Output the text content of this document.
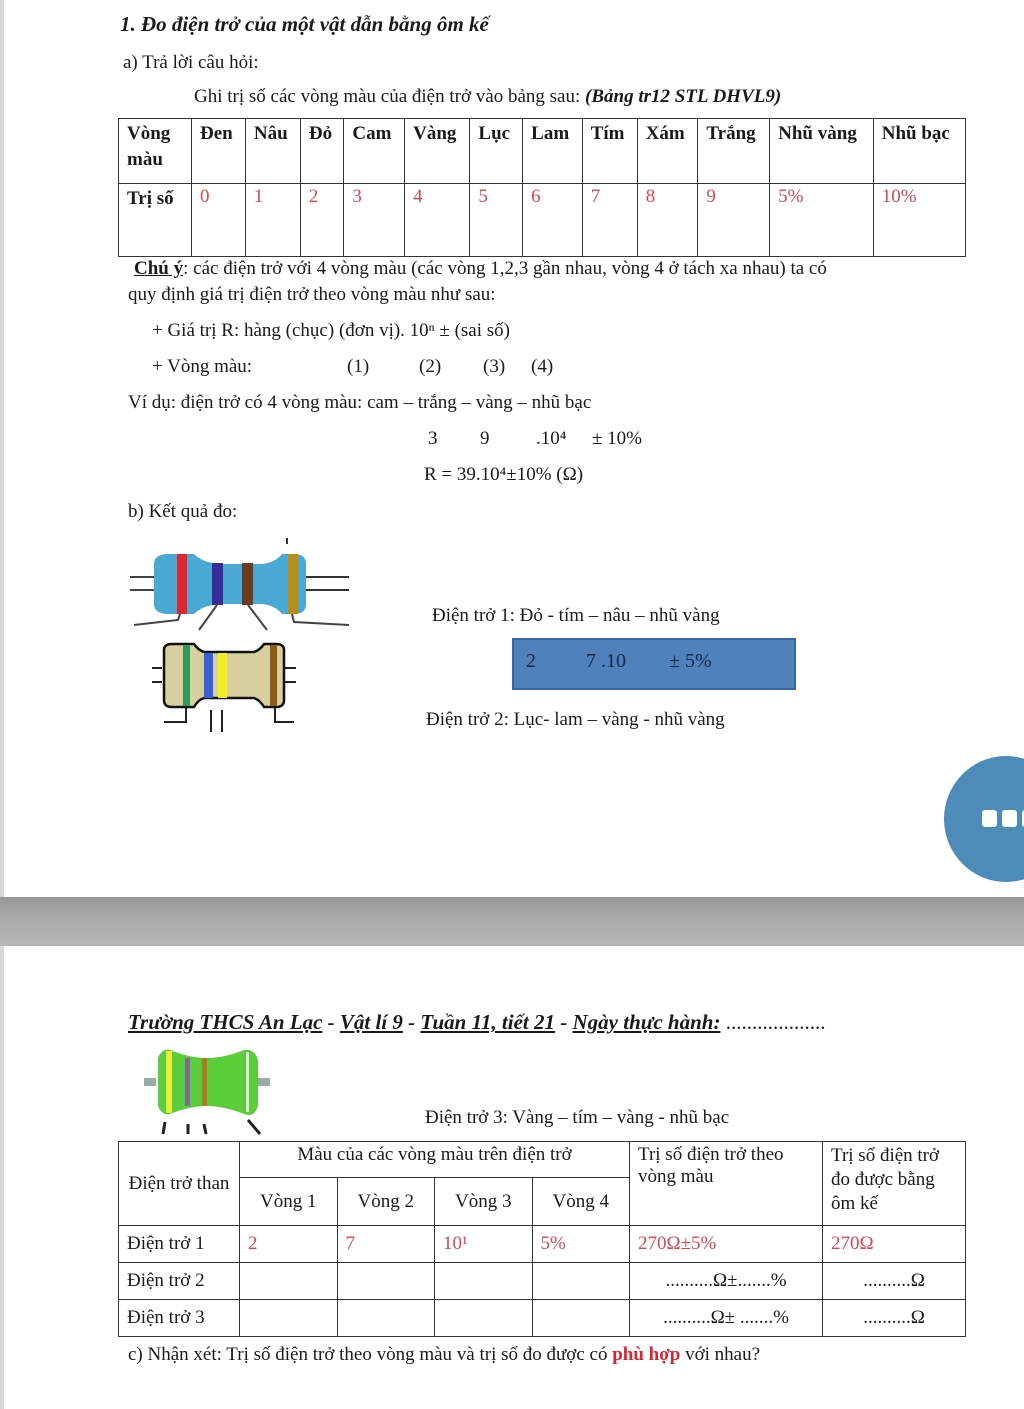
1. Đo điện trở của một vật dẫn bằng ôm kế
a) Trả lời câu hỏi:
Ghi trị số các vòng màu của điện trở vào bảng sau: (Bảng tr12 STL DHVL9)
Vòng màu	Đen	Nâu	Đỏ	Cam	Vàng	Lục	Lam	Tím	Xám	Trắng	Nhũ vàng	Nhũ bạc
Trị số	0	1	2	3	4	5	6	7	8	9	5%	10%
Chú ý: các điện trở với 4 vòng màu (các vòng 1,2,3 gần nhau, vòng 4 ở tách xa nhau) ta có
quy định giá trị điện trở theo vòng màu như sau:
+ Giá trị R: hàng (chục) (đơn vị). 10ⁿ ± (sai số)
+ Vòng màu:	(1)	(2) (3) (4)
Ví dụ: điện trở có 4 vòng màu: cam – trắng – vàng – nhũ bạc
3 9 .10⁴ ± 10%
R = 39.10⁴±10% (Ω)
b) Kết quả đo:
Điện trở 1: Đỏ - tím – nâu – nhũ vàng
2	7 .10 ± 5%
Điện trở 2: Lục- lam – vàng - nhũ vàng
Trường THCS An Lạc - Vật lí 9 - Tuần 11, tiết 21 - Ngày thực hành: ...................
Điện trở 3: Vàng – tím – vàng - nhũ bạc
Điện trở than	Màu của các vòng màu trên điện trở				Trị số điện trở theo vòng màu	Trị số điện trở đo được bằng ôm kế
	Vòng 1	Vòng 2	Vòng 3	Vòng 4		
Điện trở 1	2	7	10¹	5%	270Ω±5%	270Ω
Điện trở 2					..........Ω±.......%	..........Ω
Điện trở 3					..........Ω± .......%	..........Ω
c) Nhận xét: Trị số điện trở theo vòng màu và trị số đo được có phù hợp với nhau?
